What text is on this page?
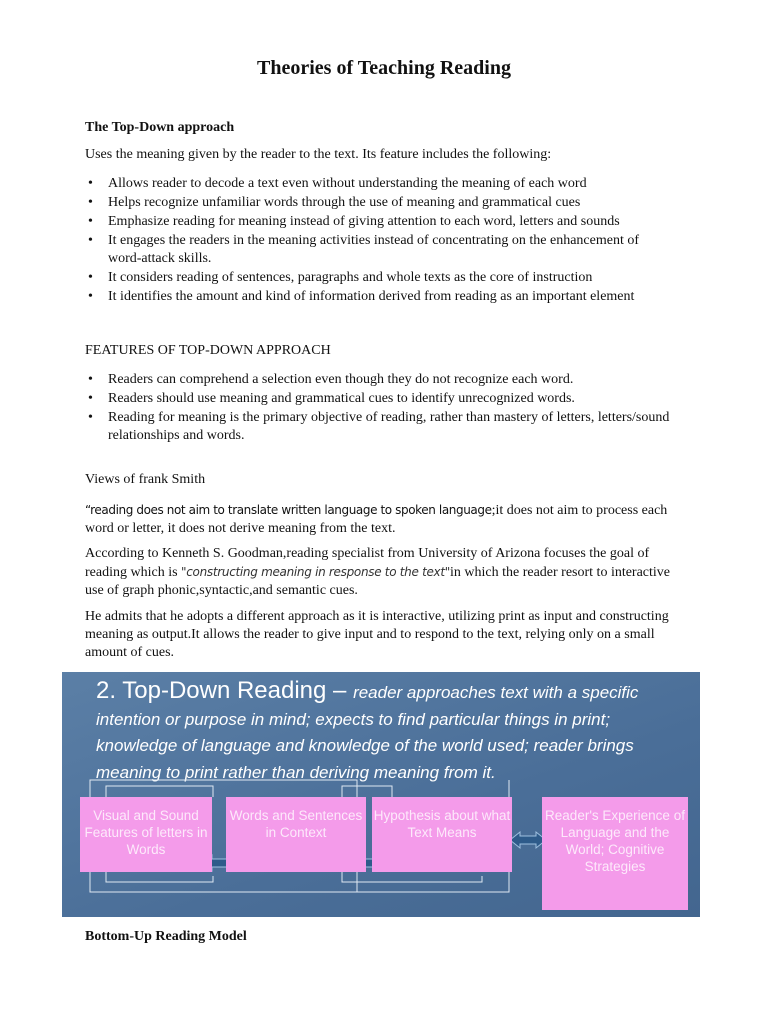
Theories of Teaching Reading
The Top-Down approach
Uses the meaning given by the reader to the text. Its feature includes the following:
• Allows reader to decode a text even without understanding the meaning of each word
• Helps recognize unfamiliar words through the use of meaning and grammatical cues
• Emphasize reading for meaning instead of giving attention to each word, letters and sounds
• It engages the readers in the meaning activities instead of concentrating on the enhancement of word-attack skills.
• It considers reading of sentences, paragraphs and whole texts as the core of instruction
• It identifies the amount and kind of information derived from reading as an important element
FEATURES OF TOP-DOWN APPROACH
• Readers can comprehend a selection even though they do not recognize each word.
• Readers should use meaning and grammatical cues to identify unrecognized words.
• Reading for meaning is the primary objective of reading, rather than mastery of letters, letters/sound relationships and words.
Views of frank Smith
“reading does not aim to translate written language to spoken language;it does not aim to process each word or letter, it does not derive meaning from the text.
According to Kenneth S. Goodman,reading specialist from University of Arizona focuses the goal of reading which is "constructing meaning in response to the text"in which the reader resort to interactive use of graph phonic,syntactic,and semantic cues.
He admits that he adopts a different approach as it is interactive, utilizing print as input and constructing meaning as output.It allows the reader to give input and to respond to the text, relying only on a small amount of cues.
2. Top-Down Reading – reader approaches text with a specific intention or purpose in mind; expects to find particular things in print; knowledge of language and knowledge of the world used; reader brings meaning to print rather than deriving meaning from it.
Visual and Sound Features of letters in Words
Words and Sentences in Context
Hypothesis about what Text Means
Reader's Experience of Language and the World; Cognitive Strategies
Bottom-Up Reading Model
